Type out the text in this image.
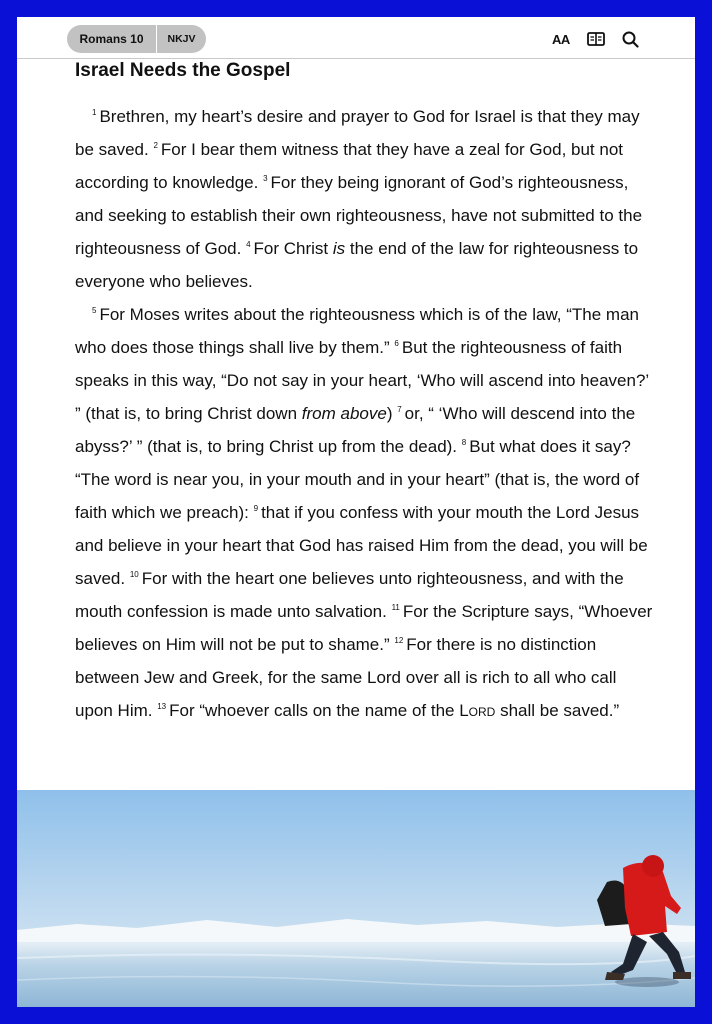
Romans 10	NKJV	AA
Israel Needs the Gospel

$^1$ Brethren, my heart’s desire and prayer to God for Israel is that they may be saved. $^2$ For I bear them witness that they have a zeal for God, but not according to knowledge. $^3$ For they being ignorant of God’s righteousness, and seeking to establish their own righteousness, have not submitted to the righteousness of God. $^4$ For Christ is the end of the law for righteousness to everyone who believes.

$^5$ For Moses writes about the righteousness which is of the law, “The man who does those things shall live by them.” $^6$ But the righteousness of faith speaks in this way, “Do not say in your heart, ‘Who will ascend into heaven?’ ” (that is, to bring Christ down from above) $^7$ or, “ ‘Who will descend into the abyss?’ ” (that is, to bring Christ up from the dead). $^8$ But what does it say? “The word is near you, in your mouth and in your heart” (that is, the word of faith which we preach): $^9$ that if you confess with your mouth the Lord Jesus and believe in your heart that God has raised Him from the dead, you will be saved. $^{10}$ For with the heart one believes unto righteousness, and with the mouth confession is made unto salvation. $^{11}$ For the Scripture says, “Whoever believes on Him will not be put to shame.” $^{12}$ For there is no distinction between Jew and Greek, for the same Lord over all is rich to all who call upon Him. $^{13}$ For “whoever calls on the name of the Lord shall be saved.”
